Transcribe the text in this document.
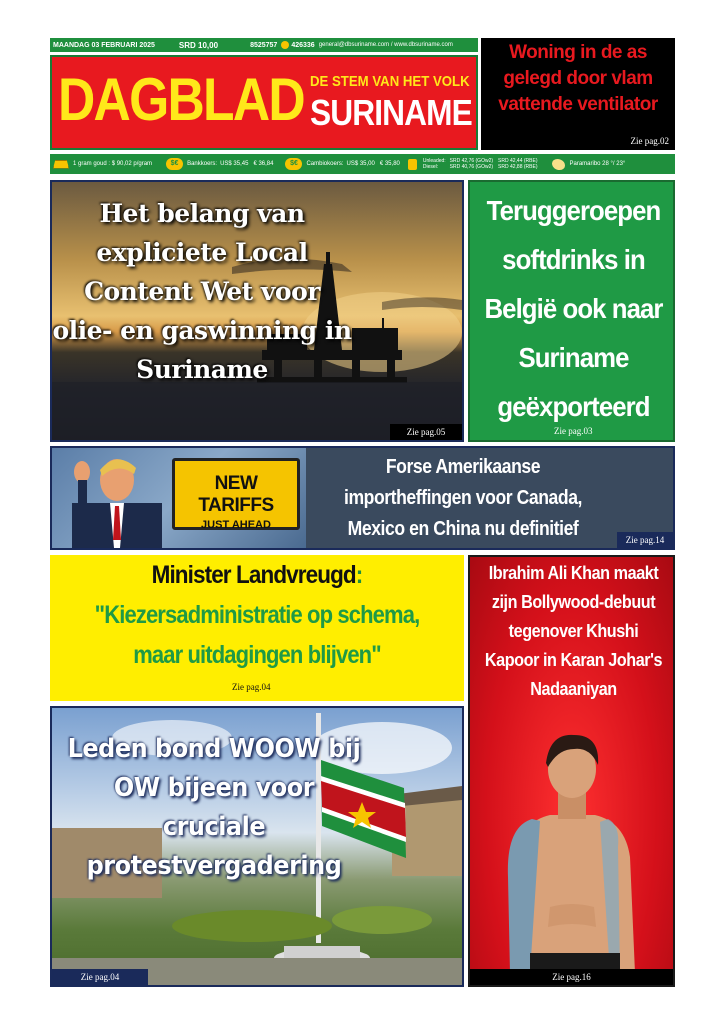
MAANDAG 03 FEBRUARI 2025	SRD 10,00	8525757 426336 general@dbsuriname.com / www.dbsuriname.com
DAGBLAD DE STEM VAN HET VOLK
SURINAME
Woning in de as gelegd door vlam vattende ventilator
Zie pag.02
1 gram goud : $ 90,02 p/gram	$€	Bankkoers: US$ 35,45 € 36,84	$€	Cambiokoers: US$ 35,00 € 35,80	Unleaded:
Diesel:
SRD 42,76 (GOw2)
SRD 40,76 (GOw2)
SRD 42,44 (RBE)
SRD 42,88 (RBE)	Paramaribo 28 °/ 23°
Het belang van expliciete Local Content Wet voor olie- en gaswinning in Suriname
Zie pag.05
Teruggeroepen softdrinks in België ook naar Suriname geëxporteerd
Zie pag.03
NEW TARIFFS
JUST AHEAD
Forse Amerikaanse importheffingen voor Canada, Mexico en China nu definitief	Zie pag.14
Minister Landvreugd:
"Kiezersadministratie op schema, maar uitdagingen blijven"
Zie pag.04
Ibrahim Ali Khan maakt zijn Bollywood-debuut tegenover Khushi Kapoor in Karan Johar's Nadaaniyan
Zie pag.16
Leden bond WOOW bij OW bijeen voor cruciale protestvergadering
Zie pag.04
